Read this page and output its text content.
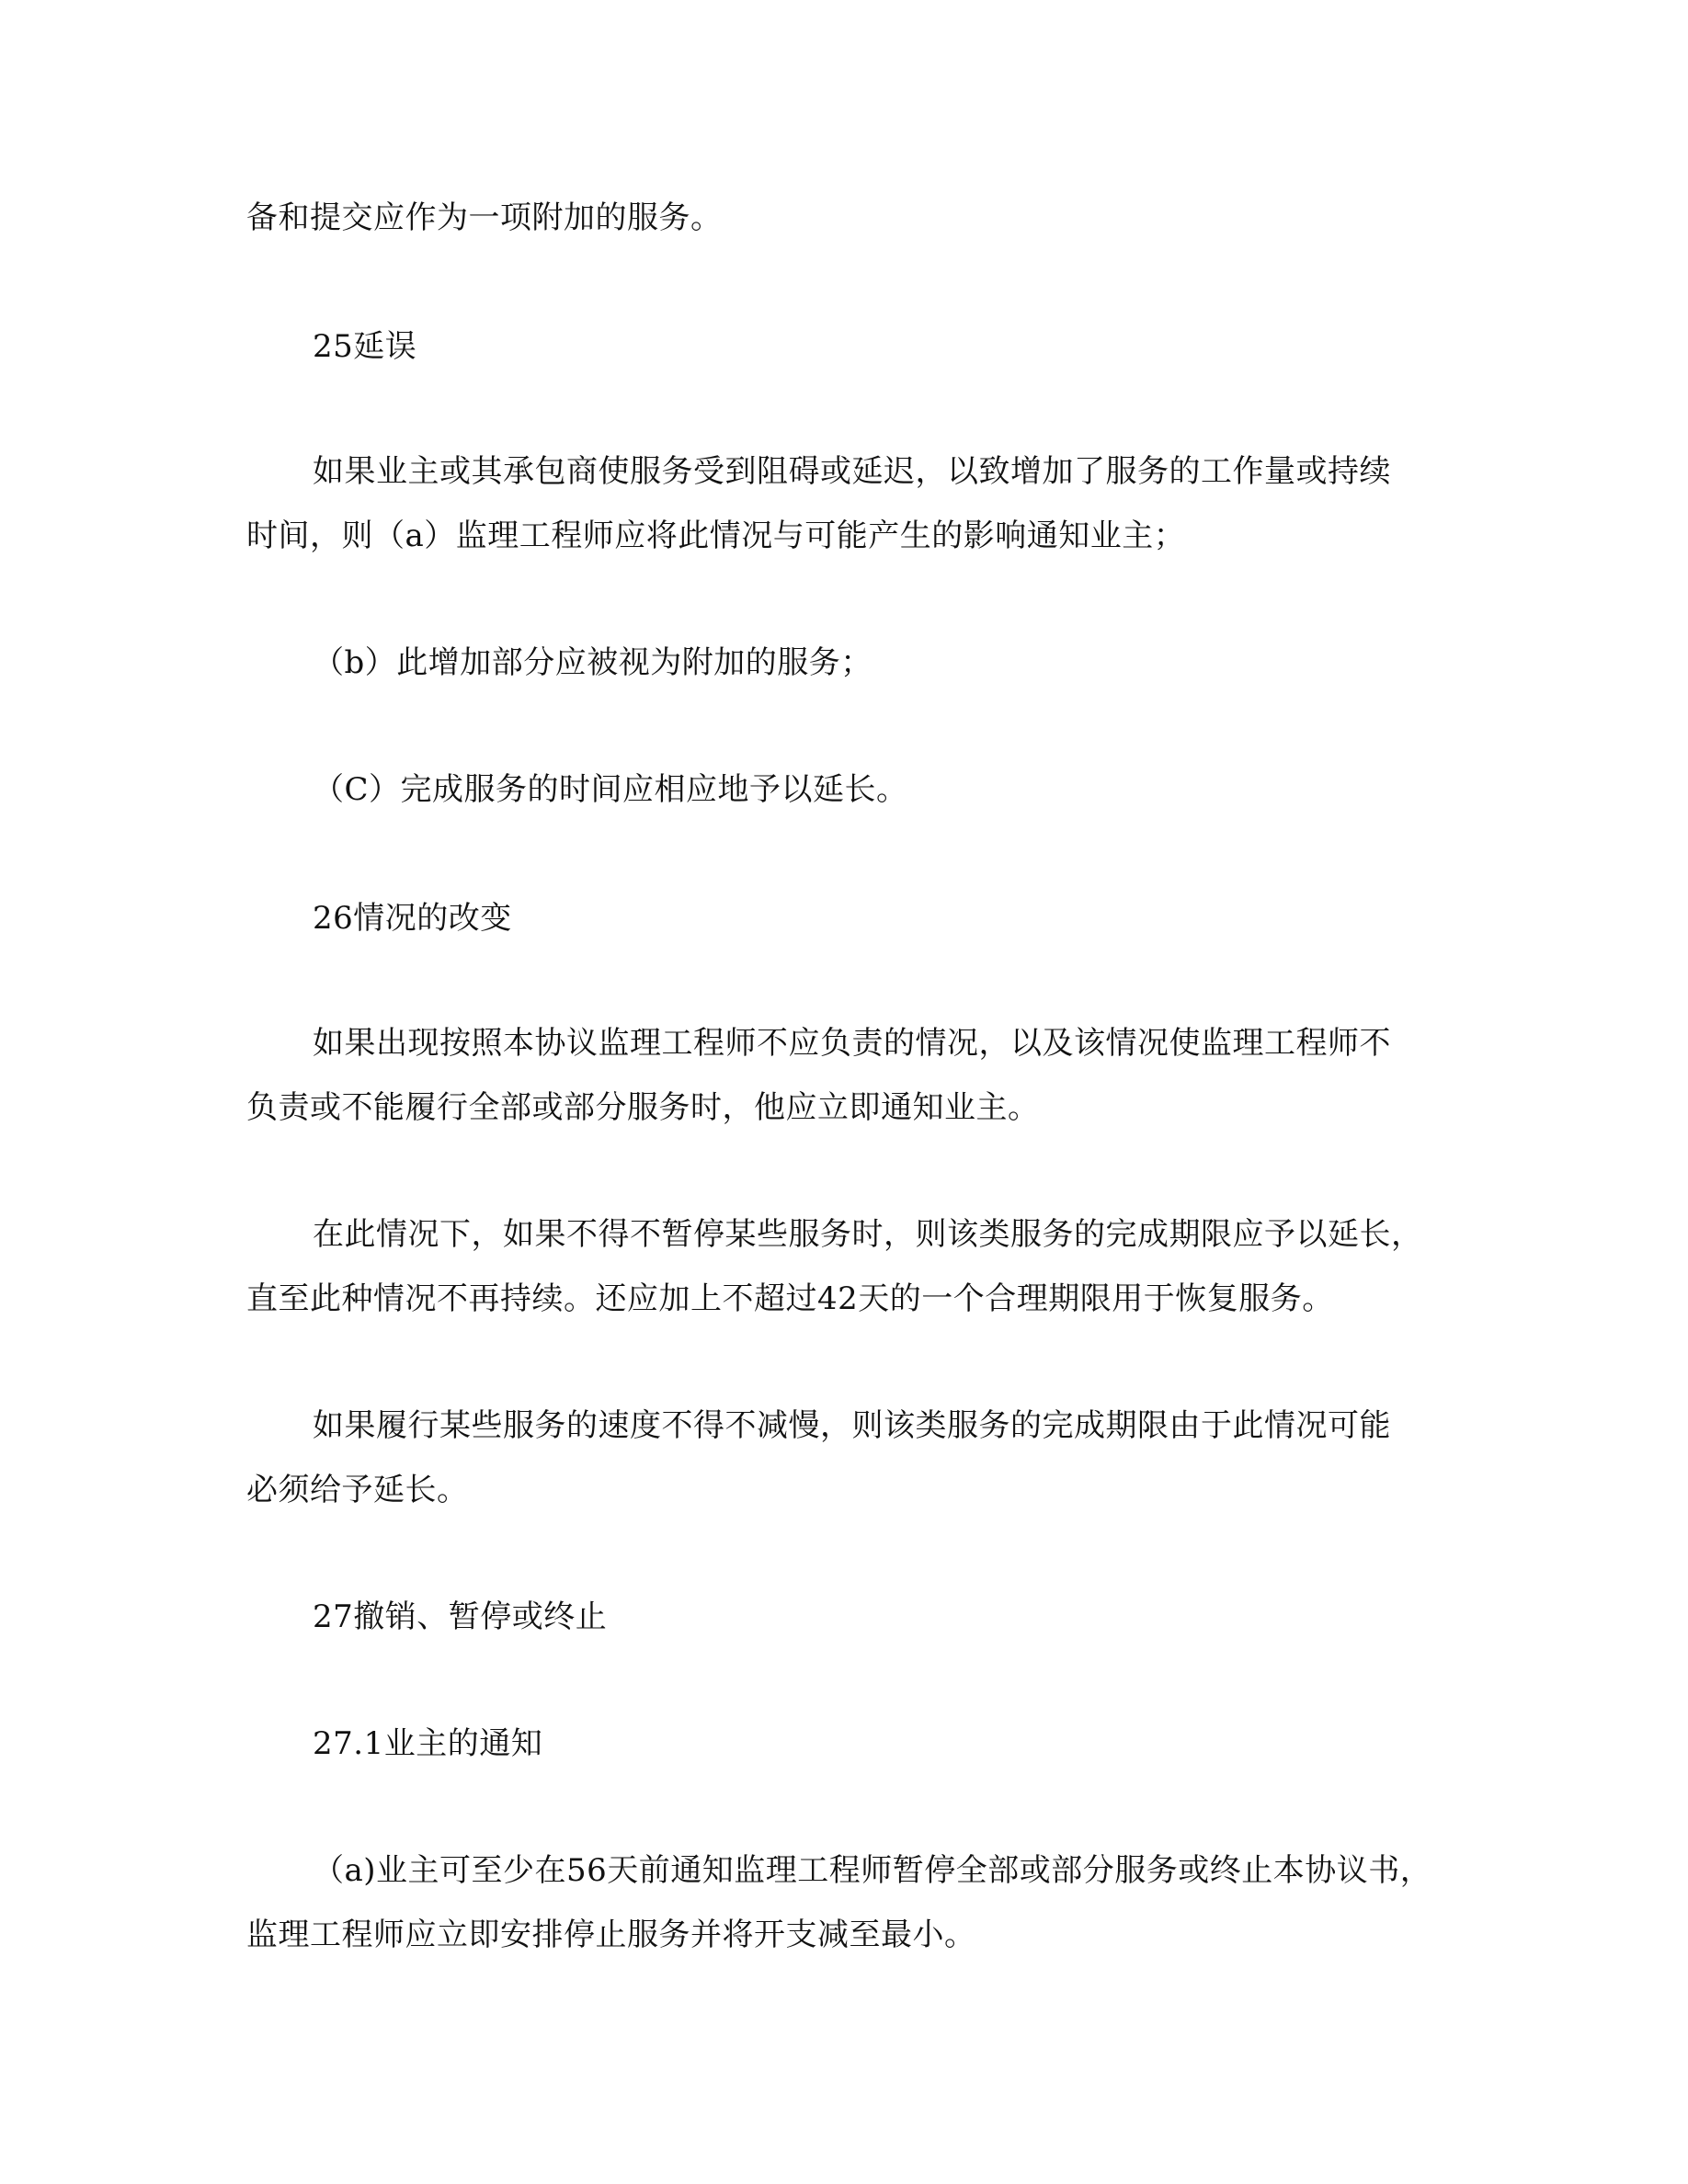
备和提交应作为一项附加的服务。
25延误
如果业主或其承包商使服务受到阻碍或延迟，以致增加了服务的工作量或持续
时间，则（a）监理工程师应将此情况与可能产生的影响通知业主；
（b）此增加部分应被视为附加的服务；
（C）完成服务的时间应相应地予以延长。
26情况的改变
如果出现按照本协议监理工程师不应负责的情况，以及该情况使监理工程师不
负责或不能履行全部或部分服务时，他应立即通知业主。
在此情况下，如果不得不暂停某些服务时，则该类服务的完成期限应予以延长，
直至此种情况不再持续。还应加上不超过42天的一个合理期限用于恢复服务。
如果履行某些服务的速度不得不减慢，则该类服务的完成期限由于此情况可能
必须给予延长。
27撤销、暂停或终止
27.1业主的通知
（a)业主可至少在56天前通知监理工程师暂停全部或部分服务或终止本协议书，
监理工程师应立即安排停止服务并将开支减至最小。
